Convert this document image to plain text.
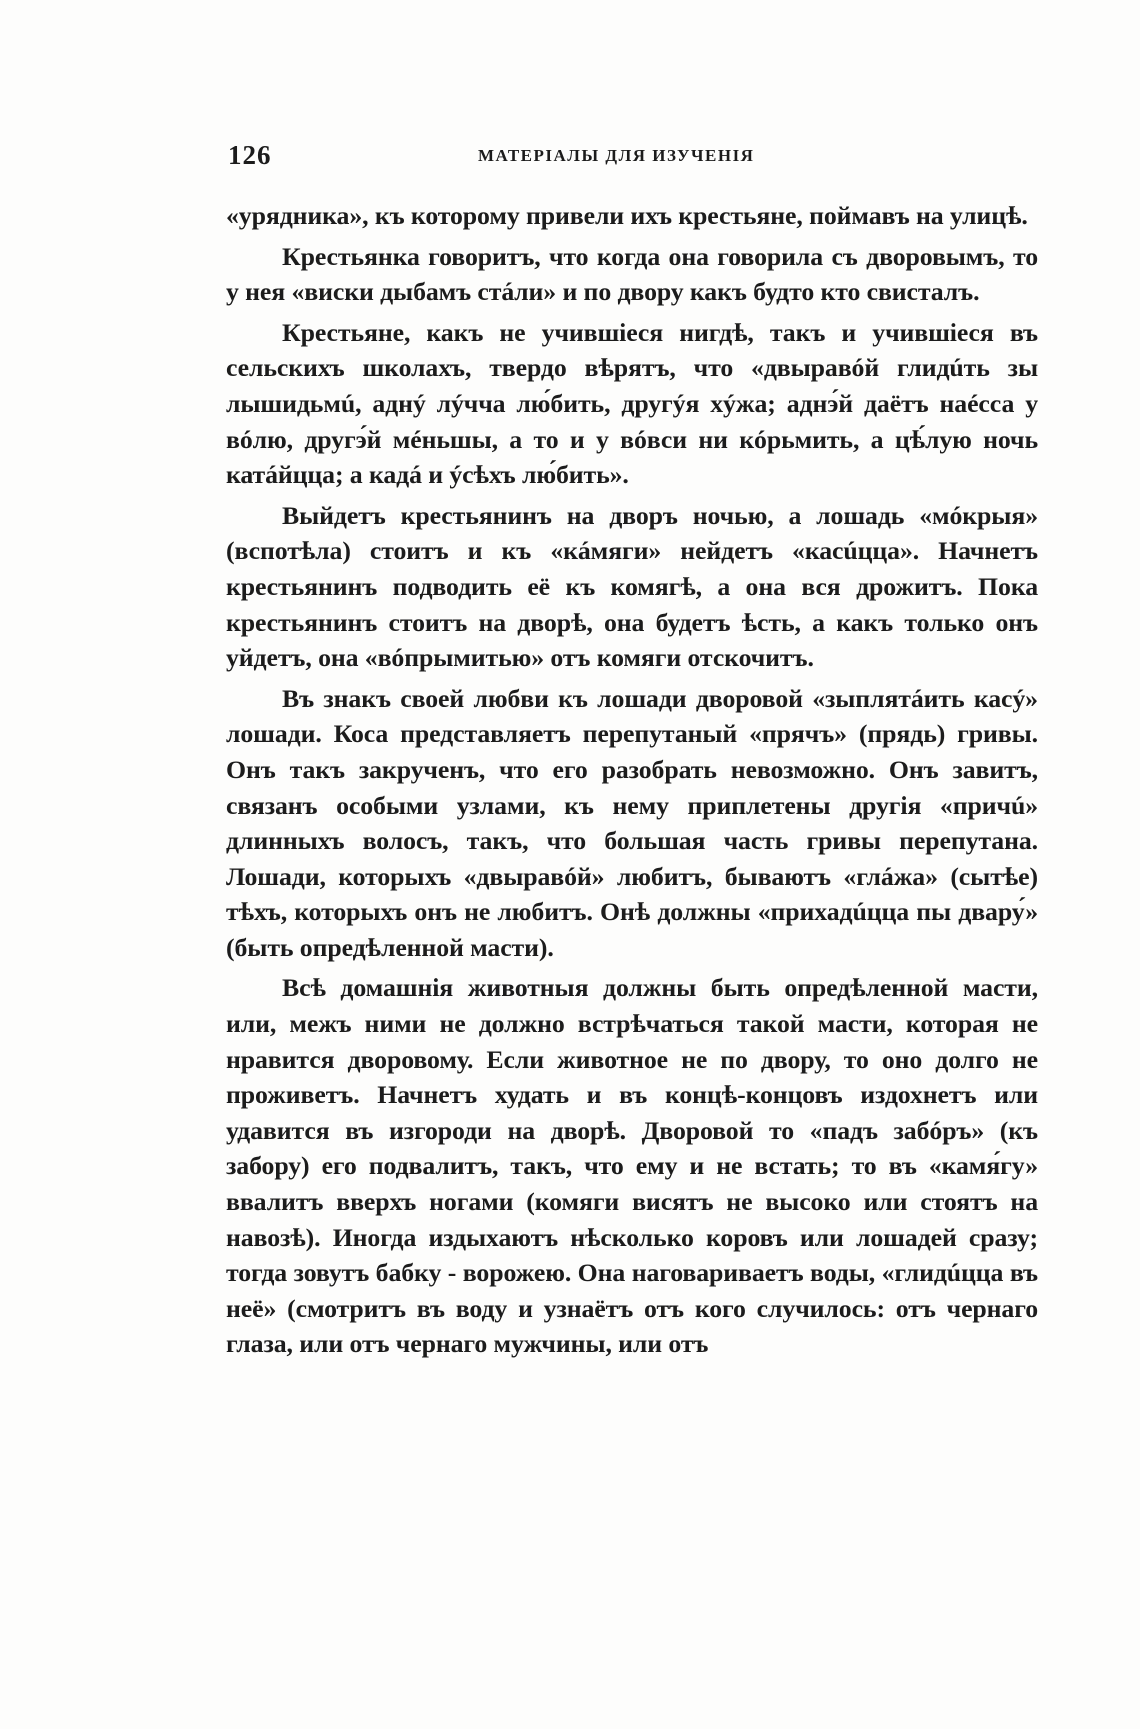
126	МАТЕРІАЛЫ ДЛЯ ИЗУЧЕНІЯ

«урядника», къ которому привели ихъ крестьяне, поймавъ на улицѣ.

Крестьянка говоритъ, что когда она говорила съ дворовымъ, то у нея «виски дыбамъ стáли» и по двору какъ будто кто свисталъ.

Крестьяне, какъ не учившіеся нигдѣ, такъ и учившіеся въ сельскихъ школахъ, твердо вѣрятъ, что «двыравóй глидúть зы лышидьмú, аднý лýчча лю́бить, другýя хýжа; аднэ́й даётъ наéсса у вóлю, другэ́й мéньшы, а то и у вóвси ни кóрьмить, а цѣ́лую ночь катáйцца; а кадá и ýсѣхъ лю́бить».

Выйдетъ крестьянинъ на дворъ ночью, а лошадь «мóкрыя» (вспотѣла) стоитъ и къ «кáмяги» нейдетъ «касúцца». Начнетъ крестьянинъ подводить её къ комягѣ, а она вся дрожитъ. Пока крестьянинъ стоитъ на дворѣ, она будетъ ѣсть, а какъ только онъ уйдетъ, она «вóпрымитью» отъ комяги отскочитъ.

Въ знакъ своей любви къ лошади дворовой «зыплятáить касý» лошади. Коса представляетъ перепутаный «прячъ» (прядь) гривы. Онъ такъ закрученъ, что его разобрать невозможно. Онъ завитъ, связанъ особыми узлами, къ нему приплетены другія «причú» длинныхъ волосъ, такъ, что большая часть гривы перепутана. Лошади, которыхъ «двыравóй» любитъ, бываютъ «глáжа» (сытѣе) тѣхъ, которыхъ онъ не любитъ. Онѣ должны «прихадúцца пы двару́» (быть опредѣленной масти).

Всѣ домашнія животныя должны быть опредѣленной масти, или, межъ ними не должно встрѣчаться такой масти, которая не нравится дворовому. Если животное не по двору, то оно долго не проживетъ. Начнетъ худать и въ концѣ-концовъ издохнетъ или удавится въ изгороди на дворѣ. Дворовой то «падъ забóръ» (къ забору) его подвалитъ, такъ, что ему и не встать; то въ «камя́гу» ввалитъ вверхъ ногами (комяги висятъ не высоко или стоятъ на навозѣ). Иногда издыхаютъ нѣсколько коровъ или лошадей сразу; тогда зовутъ бабку - ворожею. Она наговариваетъ воды, «глидúцца въ неё» (смотритъ въ воду и узнаётъ отъ кого случилось: отъ чернаго глаза, или отъ чернаго мужчины, или отъ
